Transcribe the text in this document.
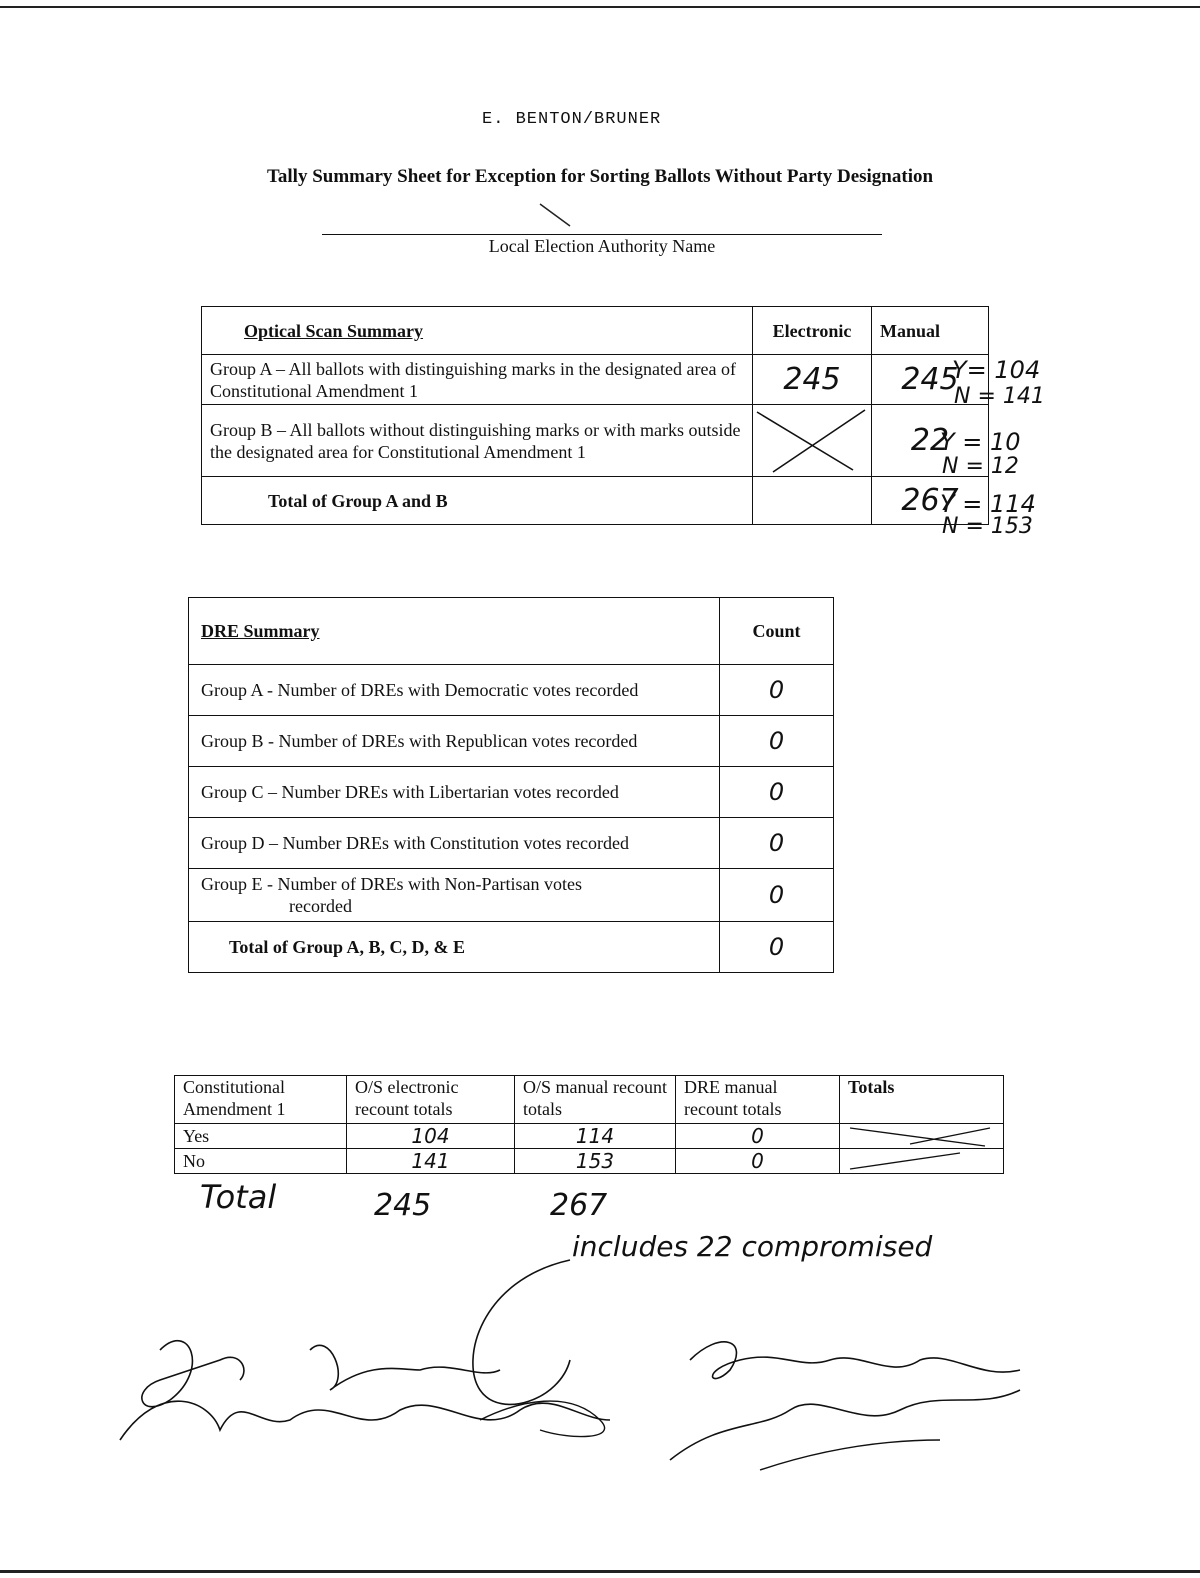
E. BENTON/BRUNER
Tally Summary Sheet for Exception for Sorting Ballots Without Party Designation
Local Election Authority Name
Optical Scan Summary	Electronic	Manual
Group A – All ballots with distinguishing marks in the designated area of Constitutional Amendment 1	245	245
Group B – All ballots without distinguishing marks or with marks outside the designated area for Constitutional Amendment 1		22
Total of Group A and B		267
Y= 104
N = 141
Y = 10
N = 12
Y = 114
N = 153
DRE Summary	Count
Group A - Number of DREs with Democratic votes recorded	0
Group B - Number of DREs with Republican votes recorded	0
Group C – Number DREs with Libertarian votes recorded	0
Group D – Number DREs with Constitution votes recorded	0
Group E - Number of DREs with Non-Partisan votes
recorded	0
Total of Group A, B, C, D, & E	0
Constitutional Amendment 1	O/S electronic recount totals	O/S manual recount totals	DRE manual recount totals	Totals
Yes	104	114	0	

No	141	153	0	
Total	245	267
includes 22 compromised
